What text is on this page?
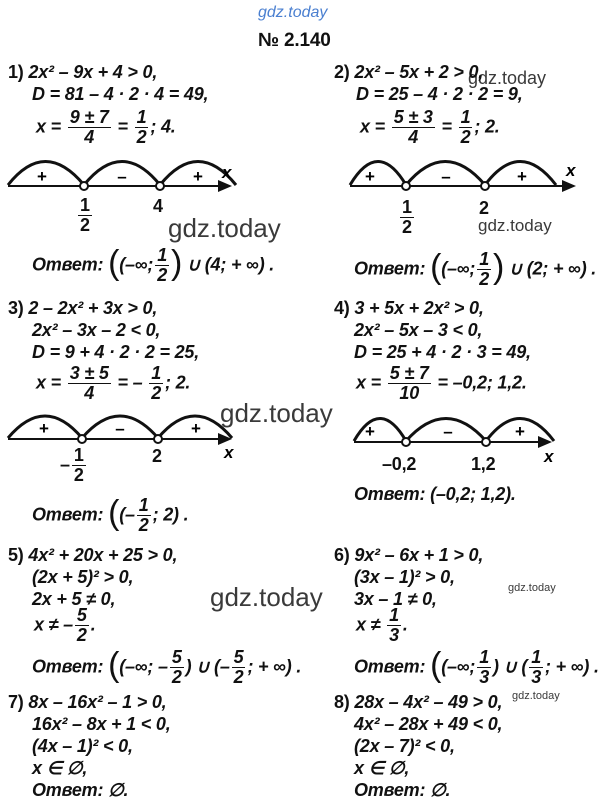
gdz.today
№ 2.140
gdz.today
gdz.today	gdz.today
gdz.today
gdz.today	gdz.today
gdz.today
1) 2x² – 9x + 4 > 0,
D = 81 – 4 · 2 · 4 = 49,
$x = \frac{9 \pm 7}{4} = \frac{1}{2}$ ; 4.
+	–	+ x
$\frac{1}{2}$	4
Ответ: ((–∞; $\frac{1}{2}$ ) ∪ (4; + ∞) .
2) 2x² – 5x + 2 > 0,
D = 25 – 4 · 2 · 2 = 9,
$x = \frac{5 \pm 3}{4} = \frac{1}{2}$ ; 2.
+	–	+ x
$\frac{1}{2}$	2
Ответ: ((–∞; $\frac{1}{2}$ ) ∪ (2; + ∞) .
3) 2 – 2x² + 3x > 0,
2x² – 3x – 2 < 0,
D = 9 + 4 · 2 · 2 = 25,
$x = \frac{3 \pm 5}{4}$ = – $\frac{1}{2}$ ; 2.
+	–	+
x
– $\frac{1}{2}$	2
Ответ: ((– $\frac{1}{2}$ ; 2) .
4) 3 + 5x + 2x² > 0,
2x² – 5x – 3 < 0,
D = 25 + 4 · 2 · 3 = 49,
$x = \frac{5 \pm 7}{10} = -0,2$; 1,2.
+	–	+
x
–0,2	1,2
Ответ: (–0,2; 1,2).
5) 4x² + 20x + 25 > 0,
(2x + 5)² > 0,
2x + 5 ≠ 0,
x ≠ – $\frac{5}{2}$ .
Ответ: ((–∞; – $\frac{5}{2}$ ) ∪ (– $\frac{5}{2}$ ; + ∞) .
6) 9x² – 6x + 1 > 0,
(3x – 1)² > 0,
3x – 1 ≠ 0,
$x \ne \frac{1}{3}$ .
Ответ: ((–∞; $\frac{1}{3}$ ) ∪ ( $\frac{1}{3}$ ; + ∞) .
7) 8x – 16x² – 1 > 0,
16x² – 8x + 1 < 0,
(4x – 1)² < 0,
x ∈ ∅,
Ответ: ∅.
8) 28x – 4x² – 49 > 0,
4x² – 28x + 49 < 0,
(2x – 7)² < 0,
x ∈ ∅,
Ответ: ∅.
